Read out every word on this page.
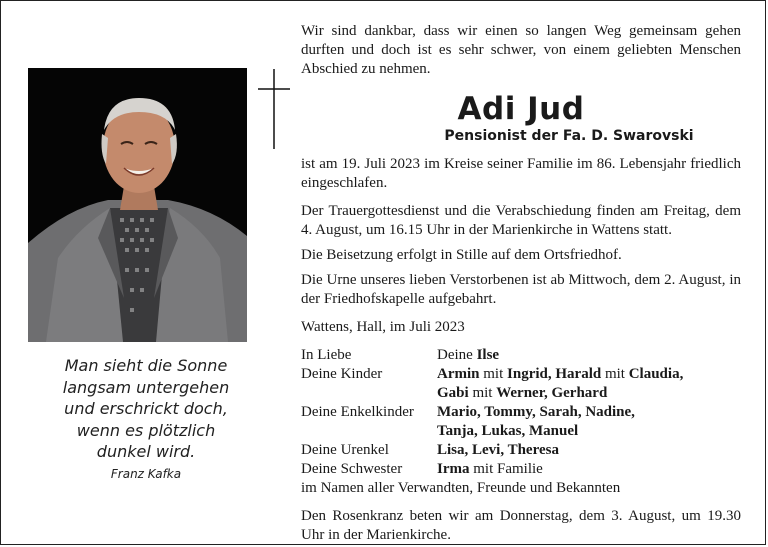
Man sieht die Sonne
langsam untergehen
und erschrickt doch,
wenn es plötzlich
dunkel wird.
Franz Kafka

Wir sind dankbar, dass wir einen so langen Weg gemeinsam gehen durften und doch ist es sehr schwer, von einem geliebten Menschen Abschied zu nehmen.

Adi Jud
Pensionist der Fa. D. Swarovski

ist am 19. Juli 2023 im Kreise seiner Familie im 86. Lebensjahr friedlich eingeschlafen.

Der Trauergottesdienst und die Verabschiedung finden am Freitag, dem 4. August, um 16.15 Uhr in der Marienkirche in Wattens statt.

Die Beisetzung erfolgt in Stille auf dem Ortsfriedhof.

Die Urne unseres lieben Verstorbenen ist ab Mittwoch, dem 2. August, in der Friedhofskapelle aufgebahrt.

Wattens, Hall, im Juli 2023

In Liebe	Deine Ilse
Deine Kinder	Armin mit Ingrid, Harald mit Claudia,
Gabi mit Werner, Gerhard
Deine Enkelkinder	Mario, Tommy, Sarah, Nadine,
Tanja, Lukas, Manuel
Deine Urenkel	Lisa, Levi, Theresa
Deine Schwester	Irma mit Familie
im Namen aller Verwandten, Freunde und Bekannten

Den Rosenkranz beten wir am Donnerstag, dem 3. August, um 19.30 Uhr in der Marienkirche.
